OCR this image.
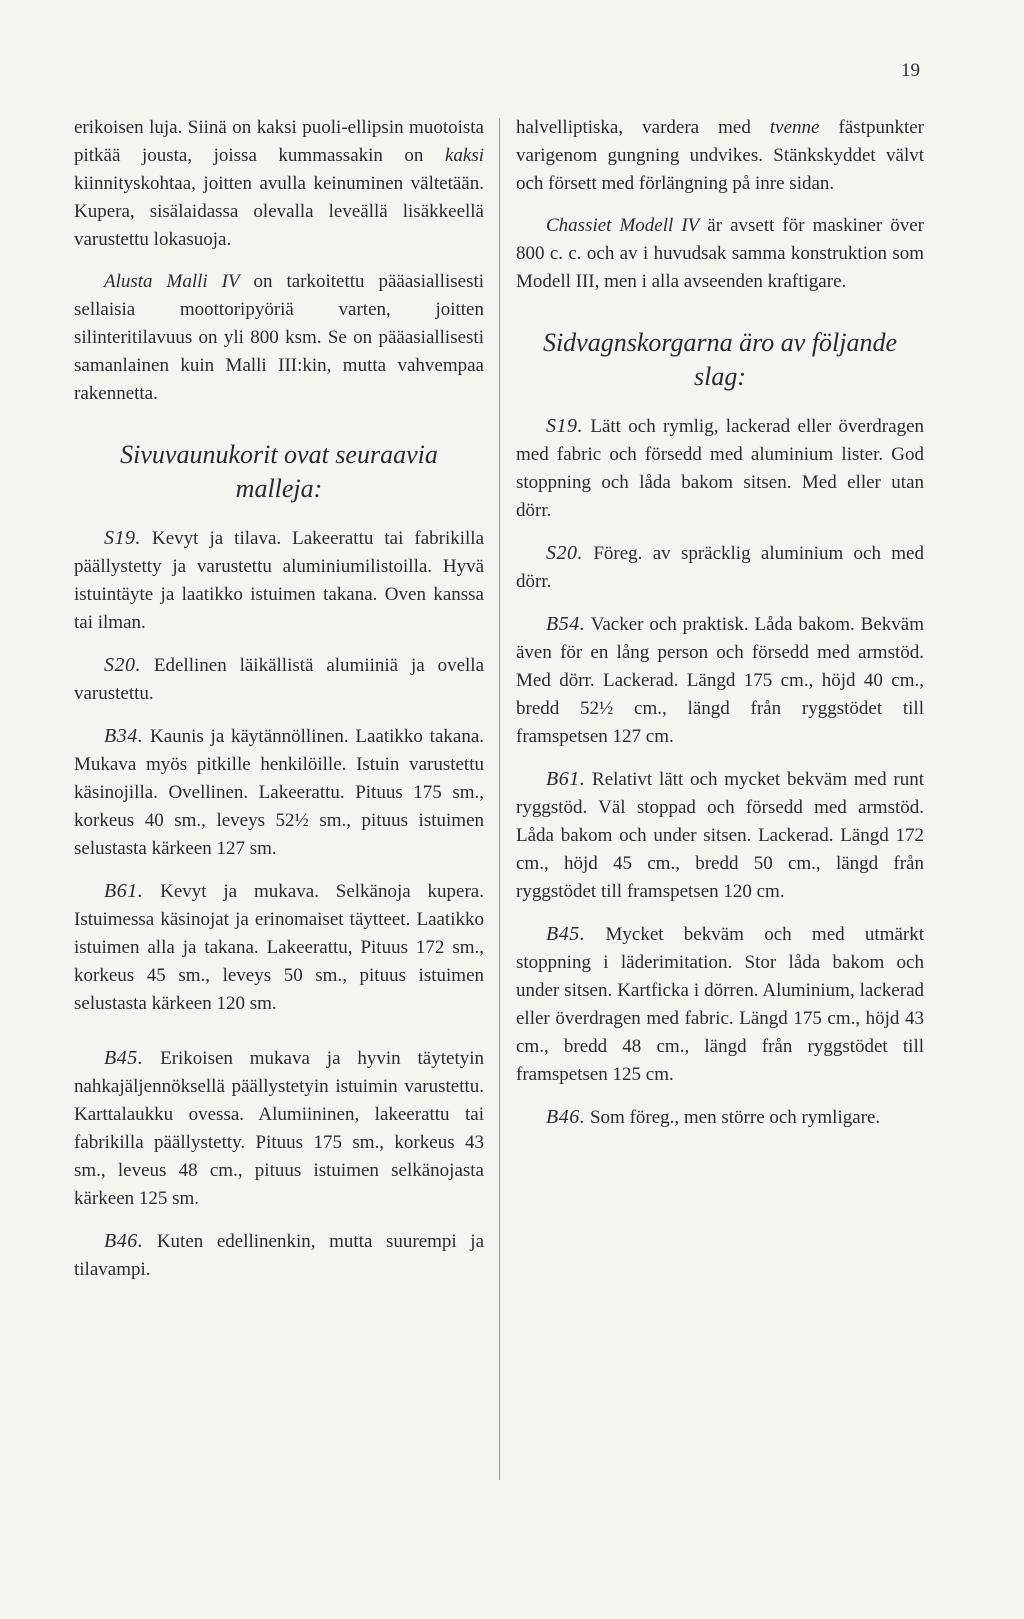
19

erikoisen luja. Siinä on kaksi puoli-ellipsin muotoista pitkää jousta, joissa kummassakin on kaksi kiinnityskohtaa, joitten avulla keinuminen vältetään. Kupera, sisälaidassa olevalla leveällä lisäkkeellä varustettu lokasuoja.

Alusta Malli IV on tarkoitettu pääasiallisesti sellaisia moottoripyöriä varten, joitten silinteritilavuus on yli 800 ksm. Se on pääasiallisesti samanlainen kuin Malli III:kin, mutta vahvempaa rakennetta.

Sivuvaunukorit ovat seuraavia malleja:

S19. Kevyt ja tilava. Lakeerattu tai fabrikilla päällystetty ja varustettu aluminiumilistoilla. Hyvä istuintäyte ja laatikko istuimen takana. Oven kanssa tai ilman.

S20. Edellinen läikällistä alumiiniä ja ovella varustettu.

B34. Kaunis ja käytännöllinen. Laatikko takana. Mukava myös pitkille henkilöille. Istuin varustettu käsinojilla. Ovellinen. Lakeerattu. Pituus 175 sm., korkeus 40 sm., leveys 52½ sm., pituus istuimen selustasta kärkeen 127 sm.

B61. Kevyt ja mukava. Selkänoja kupera. Istuimessa käsinojat ja erinomaiset täytteet. Laatikko istuimen alla ja takana. Lakeerattu, Pituus 172 sm., korkeus 45 sm., leveys 50 sm., pituus istuimen selustasta kärkeen 120 sm.

B45. Erikoisen mukava ja hyvin täytetyin nahkajäljennöksellä päällystetyin istuimin varustettu. Karttalaukku ovessa. Alumiininen, lakeerattu tai fabrikilla päällystetty. Pituus 175 sm., korkeus 43 sm., leveus 48 cm., pituus istuimen selkänojasta kärkeen 125 sm.

B46. Kuten edellinenkin, mutta suurempi ja tilavampi.

halvelliptiska, vardera med tvenne fästpunkter varigenom gungning undvikes. Stänkskyddet välvt och försett med förlängning på inre sidan.

Chassiet Modell IV är avsett för maskiner över 800 c. c. och av i huvudsak samma konstruktion som Modell III, men i alla avseenden kraftigare.

Sidvagnskorgarna äro av följande slag:

S19. Lätt och rymlig, lackerad eller överdragen med fabric och försedd med aluminium lister. God stoppning och låda bakom sitsen. Med eller utan dörr.

S20. Föreg. av spräcklig aluminium och med dörr.

B54. Vacker och praktisk. Låda bakom. Bekväm även för en lång person och försedd med armstöd. Med dörr. Lackerad. Längd 175 cm., höjd 40 cm., bredd 52½ cm., längd från ryggstödet till framspetsen 127 cm.

B61. Relativt lätt och mycket bekväm med runt ryggstöd. Väl stoppad och försedd med armstöd. Låda bakom och under sitsen. Lackerad. Längd 172 cm., höjd 45 cm., bredd 50 cm., längd från ryggstödet till framspetsen 120 cm.

B45. Mycket bekväm och med utmärkt stoppning i läderimitation. Stor låda bakom och under sitsen. Kartficka i dörren. Aluminium, lackerad eller överdragen med fabric. Längd 175 cm., höjd 43 cm., bredd 48 cm., längd från ryggstödet till framspetsen 125 cm.

B46. Som föreg., men större och rymligare.
